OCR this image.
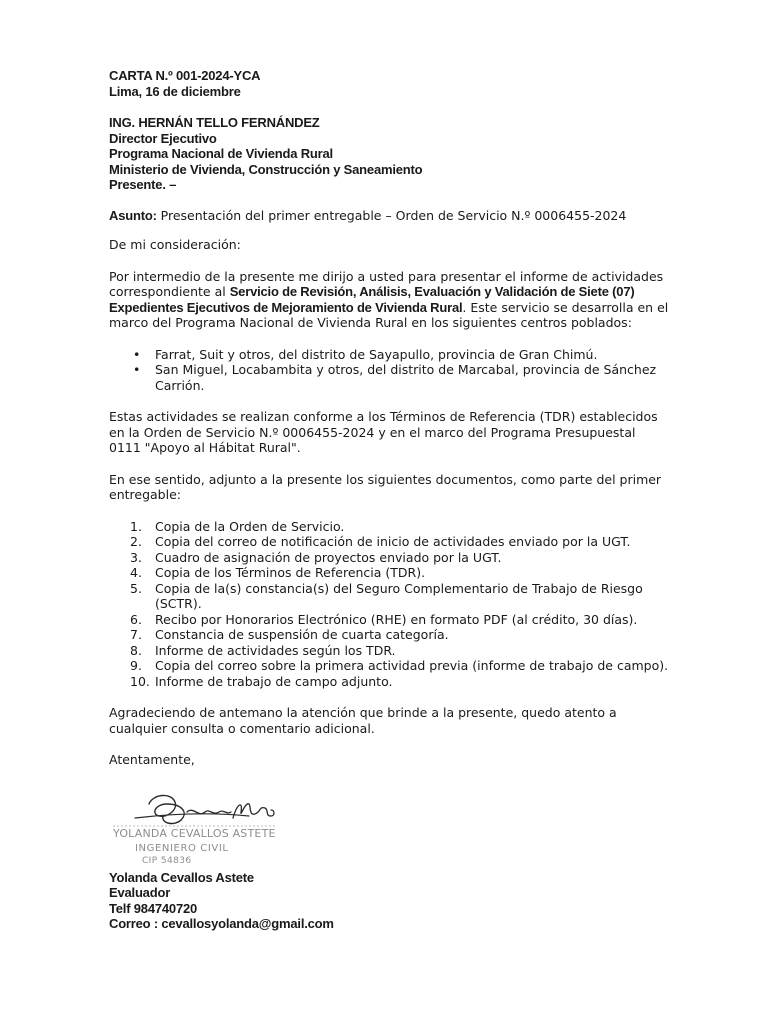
CARTA N.º 001-2024-YCA
Lima, 16 de diciembre
ING. HERNÁN TELLO FERNÁNDEZ
Director Ejecutivo
Programa Nacional de Vivienda Rural
Ministerio de Vivienda, Construcción y Saneamiento
Presente. –
Asunto: Presentación del primer entregable – Orden de Servicio N.º 0006455-2024
De mi consideración:
Por intermedio de la presente me dirijo a usted para presentar el informe de actividades correspondiente al Servicio de Revisión, Análisis, Evaluación y Validación de Siete (07) Expedientes Ejecutivos de Mejoramiento de Vivienda Rural. Este servicio se desarrolla en el marco del Programa Nacional de Vivienda Rural en los siguientes centros poblados:
• Farrat, Suit y otros, del distrito de Sayapullo, provincia de Gran Chimú.
• San Miguel, Locabambita y otros, del distrito de Marcabal, provincia de Sánchez Carrión.
Estas actividades se realizan conforme a los Términos de Referencia (TDR) establecidos en la Orden de Servicio N.º 0006455-2024 y en el marco del Programa Presupuestal 0111 "Apoyo al Hábitat Rural".
En ese sentido, adjunto a la presente los siguientes documentos, como parte del primer entregable:
1.	Copia de la Orden de Servicio.
2.	Copia del correo de notificación de inicio de actividades enviado por la UGT.
3.	Cuadro de asignación de proyectos enviado por la UGT.
4.	Copia de los Términos de Referencia (TDR).
5.	Copia de la(s) constancia(s) del Seguro Complementario de Trabajo de Riesgo (SCTR).
6.	Recibo por Honorarios Electrónico (RHE) en formato PDF (al crédito, 30 días).
7.	Constancia de suspensión de cuarta categoría.
8.	Informe de actividades según los TDR.
9.	Copia del correo sobre la primera actividad previa (informe de trabajo de campo).
10. Informe de trabajo de campo adjunto.
Agradeciendo de antemano la atención que brinde a la presente, quedo atento a cualquier consulta o comentario adicional.
Atentamente,
YOLANDA CEVALLOS ASTETE
INGENIERO CIVIL
CIP 54836
Yolanda Cevallos Astete
Evaluador
Telf 984740720
Correo : cevallosyolanda@gmail.com
